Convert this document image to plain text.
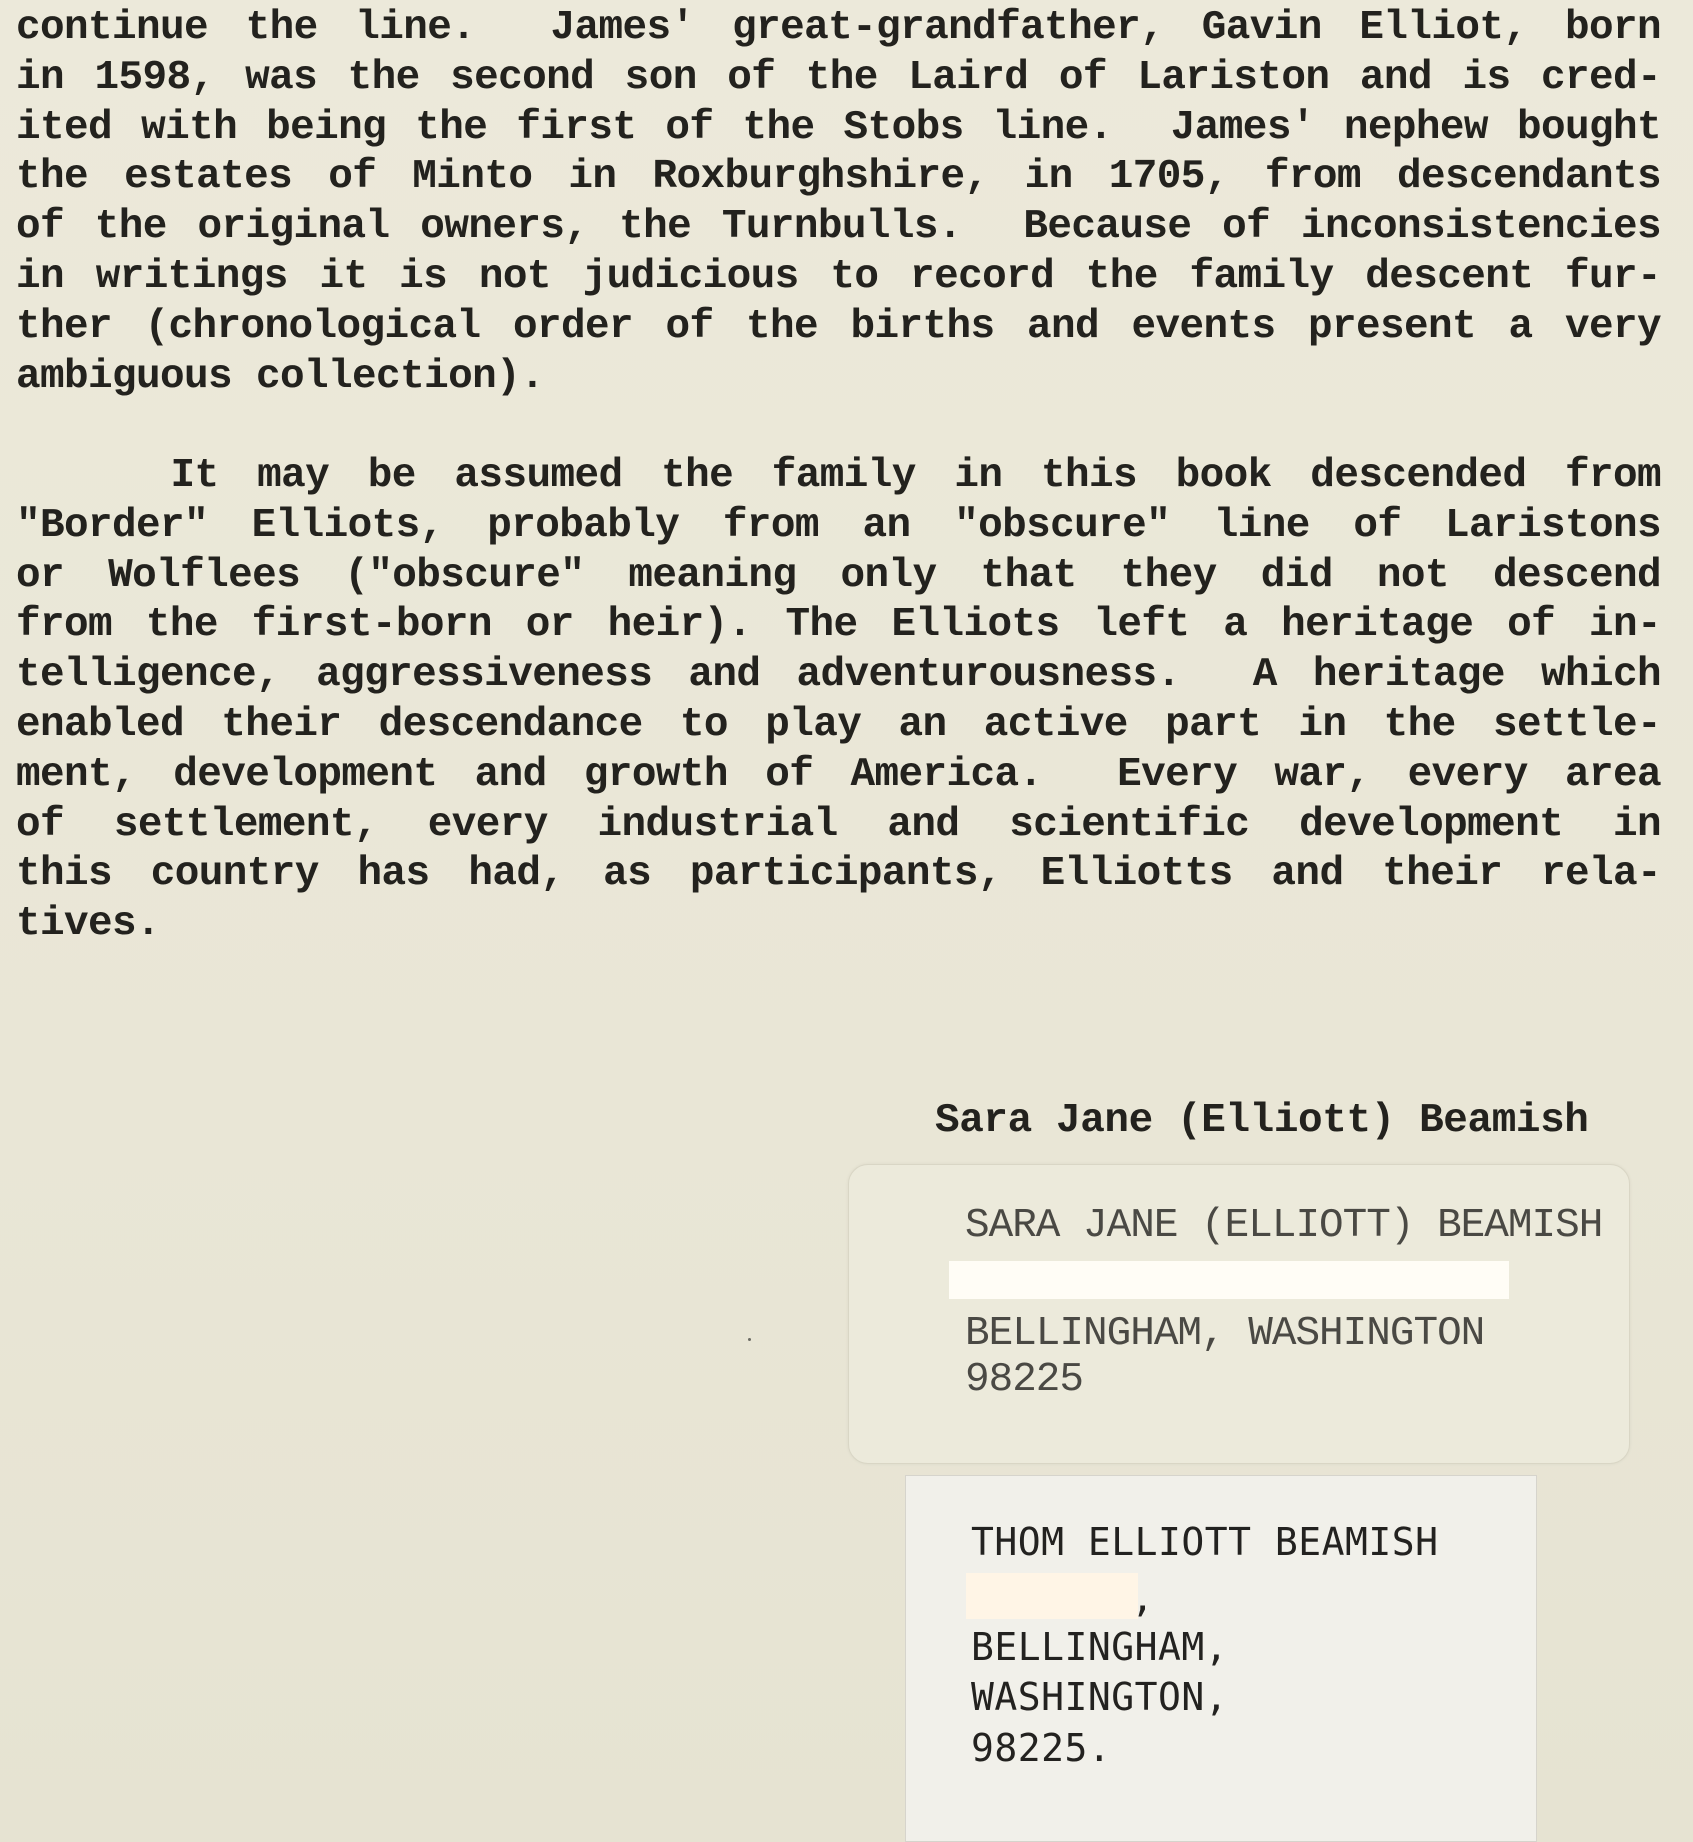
continue the line.  James' great-grandfather, Gavin Elliot, born
in 1598, was the second son of the Laird of Lariston and is cred-
ited with being the first of the Stobs line.  James' nephew bought
the estates of Minto in Roxburghshire, in 1705, from descendants
of the original owners, the Turnbulls.  Because of inconsistencies
in writings it is not judicious to record the family descent fur-
ther (chronological order of the births and events present a very
ambiguous collection).
It may be assumed the family in this book descended from
"Border" Elliots, probably from an "obscure" line of Laristons
or Wolflees ("obscure" meaning only that they did not descend
from the first-born or heir). The Elliots left a heritage of in-
telligence, aggressiveness and adventurousness.  A heritage which
enabled their descendance to play an active part in the settle-
ment, development and growth of America.  Every war, every area
of settlement, every industrial and scientific development in
this country has had, as participants, Elliotts and their rela-
tives.
Sara Jane (Elliott) Beamish
SARA JANE (ELLIOTT) BEAMISH
BELLINGHAM, WASHINGTON
98225
THOM ELLIOTT BEAMISH
,
BELLINGHAM,
WASHINGTON,
98225.
